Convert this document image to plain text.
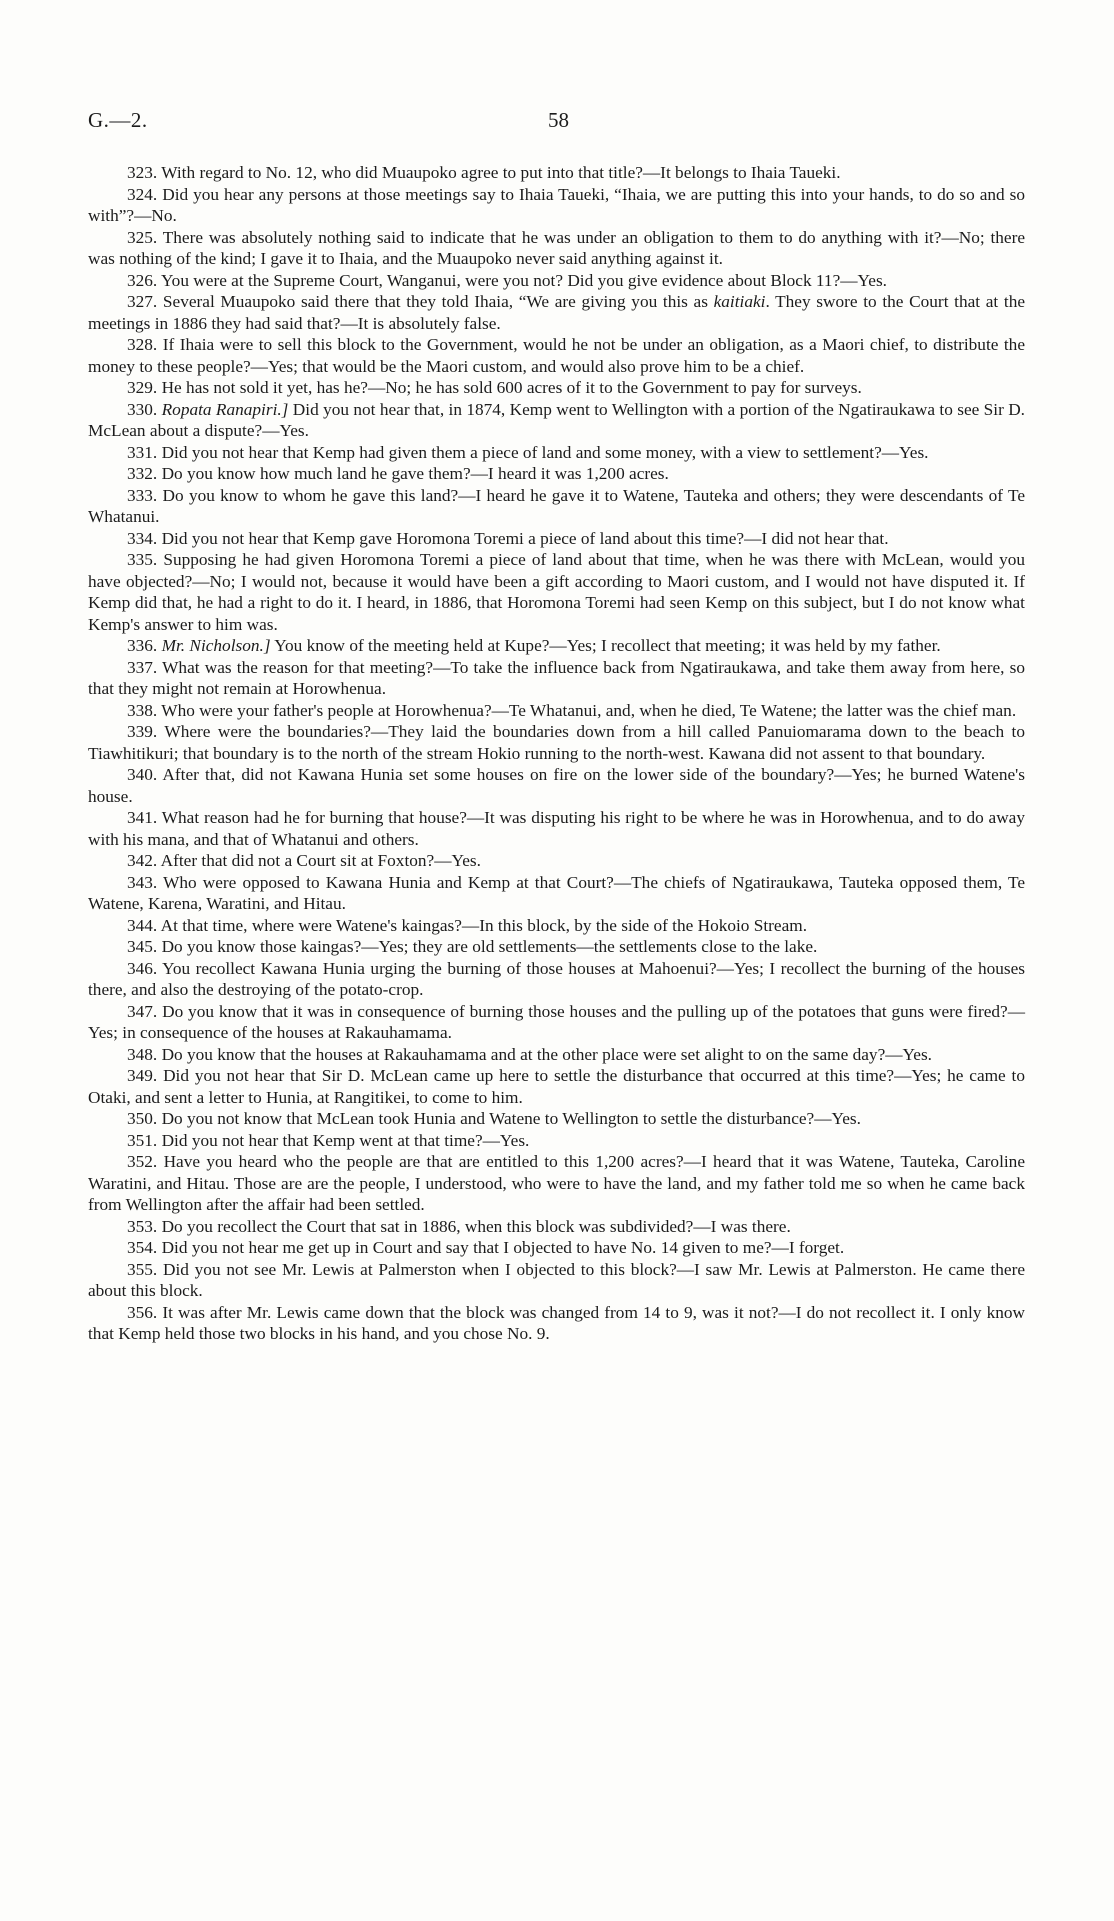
G.—2.	58

323. With regard to No. 12, who did Muaupoko agree to put into that title?—It belongs to Ihaia Taueki.

324. Did you hear any persons at those meetings say to Ihaia Taueki, “Ihaia, we are putting this into your hands, to do so and so with”?—No.

325. There was absolutely nothing said to indicate that he was under an obligation to them to do anything with it?—No; there was nothing of the kind; I gave it to Ihaia, and the Muaupoko never said anything against it.

326. You were at the Supreme Court, Wanganui, were you not? Did you give evidence about Block 11?—Yes.

327. Several Muaupoko said there that they told Ihaia, “We are giving you this as kaitiaki. They swore to the Court that at the meetings in 1886 they had said that?—It is absolutely false.

328. If Ihaia were to sell this block to the Government, would he not be under an obligation, as a Maori chief, to distribute the money to these people?—Yes; that would be the Maori custom, and would also prove him to be a chief.

329. He has not sold it yet, has he?—No; he has sold 600 acres of it to the Government to pay for surveys.

330. Ropata Ranapiri.] Did you not hear that, in 1874, Kemp went to Wellington with a portion of the Ngatiraukawa to see Sir D. McLean about a dispute?—Yes.

331. Did you not hear that Kemp had given them a piece of land and some money, with a view to settlement?—Yes.

332. Do you know how much land he gave them?—I heard it was 1,200 acres.

333. Do you know to whom he gave this land?—I heard he gave it to Watene, Tauteka and others; they were descendants of Te Whatanui.

334. Did you not hear that Kemp gave Horomona Toremi a piece of land about this time?—I did not hear that.

335. Supposing he had given Horomona Toremi a piece of land about that time, when he was there with McLean, would you have objected?—No; I would not, because it would have been a gift according to Maori custom, and I would not have disputed it. If Kemp did that, he had a right to do it. I heard, in 1886, that Horomona Toremi had seen Kemp on this subject, but I do not know what Kemp's answer to him was.

336. Mr. Nicholson.] You know of the meeting held at Kupe?—Yes; I recollect that meeting; it was held by my father.

337. What was the reason for that meeting?—To take the influence back from Ngatiraukawa, and take them away from here, so that they might not remain at Horowhenua.

338. Who were your father's people at Horowhenua?—Te Whatanui, and, when he died, Te Watene; the latter was the chief man.

339. Where were the boundaries?—They laid the boundaries down from a hill called Panuiomarama down to the beach to Tiawhitikuri; that boundary is to the north of the stream Hokio running to the north-west. Kawana did not assent to that boundary.

340. After that, did not Kawana Hunia set some houses on fire on the lower side of the boundary?—Yes; he burned Watene's house.

341. What reason had he for burning that house?—It was disputing his right to be where he was in Horowhenua, and to do away with his mana, and that of Whatanui and others.

342. After that did not a Court sit at Foxton?—Yes.

343. Who were opposed to Kawana Hunia and Kemp at that Court?—The chiefs of Ngatiraukawa, Tauteka opposed them, Te Watene, Karena, Waratini, and Hitau.

344. At that time, where were Watene's kaingas?—In this block, by the side of the Hokoio Stream.

345. Do you know those kaingas?—Yes; they are old settlements—the settlements close to the lake.

346. You recollect Kawana Hunia urging the burning of those houses at Mahoenui?—Yes; I recollect the burning of the houses there, and also the destroying of the potato-crop.

347. Do you know that it was in consequence of burning those houses and the pulling up of the potatoes that guns were fired?—Yes; in consequence of the houses at Rakauhamama.

348. Do you know that the houses at Rakauhamama and at the other place were set alight to on the same day?—Yes.

349. Did you not hear that Sir D. McLean came up here to settle the disturbance that occurred at this time?—Yes; he came to Otaki, and sent a letter to Hunia, at Rangitikei, to come to him.

350. Do you not know that McLean took Hunia and Watene to Wellington to settle the disturbance?—Yes.

351. Did you not hear that Kemp went at that time?—Yes.

352. Have you heard who the people are that are entitled to this 1,200 acres?—I heard that it was Watene, Tauteka, Caroline Waratini, and Hitau. Those are are the people, I understood, who were to have the land, and my father told me so when he came back from Wellington after the affair had been settled.

353. Do you recollect the Court that sat in 1886, when this block was subdivided?—I was there.

354. Did you not hear me get up in Court and say that I objected to have No. 14 given to me?—I forget.

355. Did you not see Mr. Lewis at Palmerston when I objected to this block?—I saw Mr. Lewis at Palmerston. He came there about this block.

356. It was after Mr. Lewis came down that the block was changed from 14 to 9, was it not?—I do not recollect it. I only know that Kemp held those two blocks in his hand, and you chose No. 9.
